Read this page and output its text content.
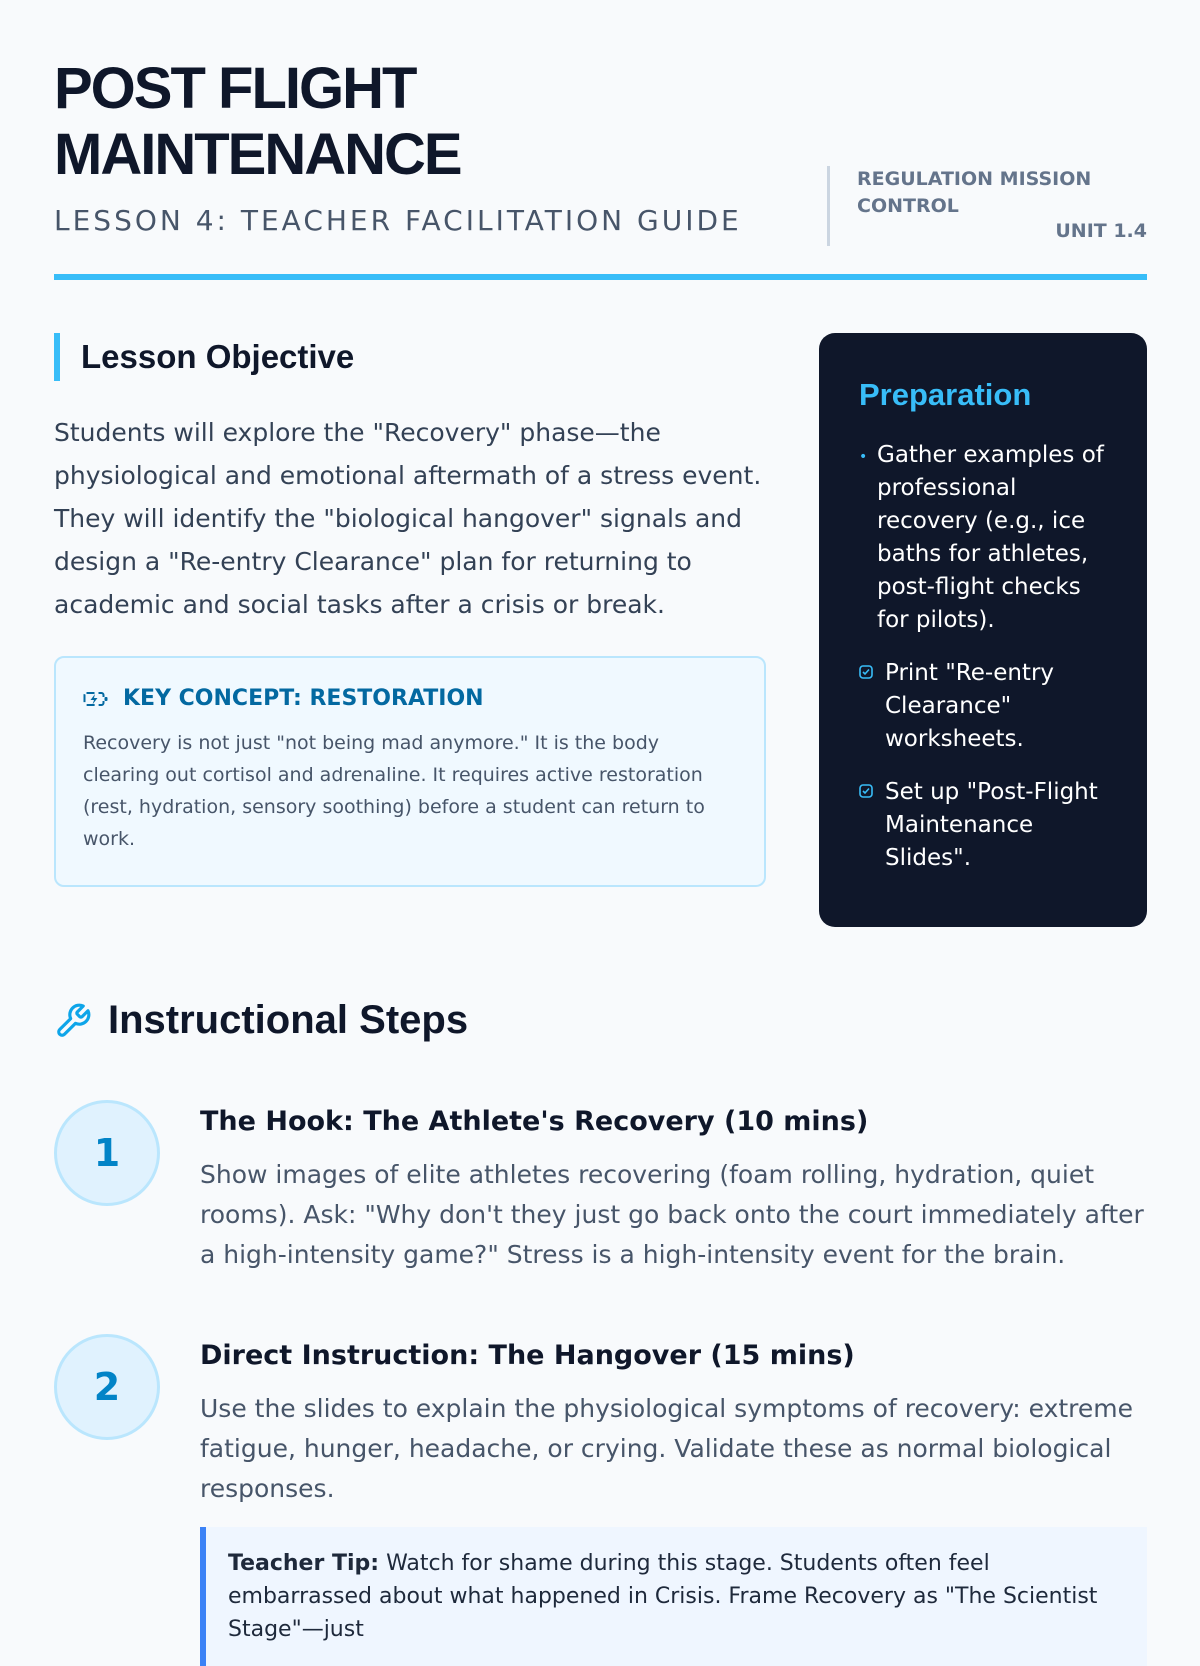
POST FLIGHT
MAINTENANCE
LESSON 4: TEACHER FACILITATION GUIDE
REGULATION MISSION CONTROL
UNIT 1.4
Lesson Objective

Students will explore the "Recovery" phase—the physiological and emotional aftermath of a stress event. They will identify the "biological hangover" signals and design a "Re-entry Clearance" plan for returning to academic and social tasks after a crisis or break.

KEY CONCEPT: RESTORATION

Recovery is not just "not being mad anymore." It is the body clearing out cortisol and adrenaline. It requires active restoration (rest, hydration, sensory soothing) before a student can return to work.

Preparation
• Gather examples of professional recovery (e.g., ice baths for athletes, post-flight checks for pilots).
Print "Re-entry Clearance" worksheets.
Set up "Post-Flight Maintenance Slides".
Instructional Steps
1
The Hook: The Athlete's Recovery (10 mins)

Show images of elite athletes recovering (foam rolling, hydration, quiet rooms). Ask: "Why don't they just go back onto the court immediately after a high-intensity game?" Stress is a high-intensity event for the brain.

2
Direct Instruction: The Hangover (15 mins)

Use the slides to explain the physiological symptoms of recovery: extreme fatigue, hunger, headache, or crying. Validate these as normal biological responses.

Teacher Tip: Watch for shame during this stage. Students often feel embarrassed about what happened in Crisis. Frame Recovery as "The Scientist Stage"—just
